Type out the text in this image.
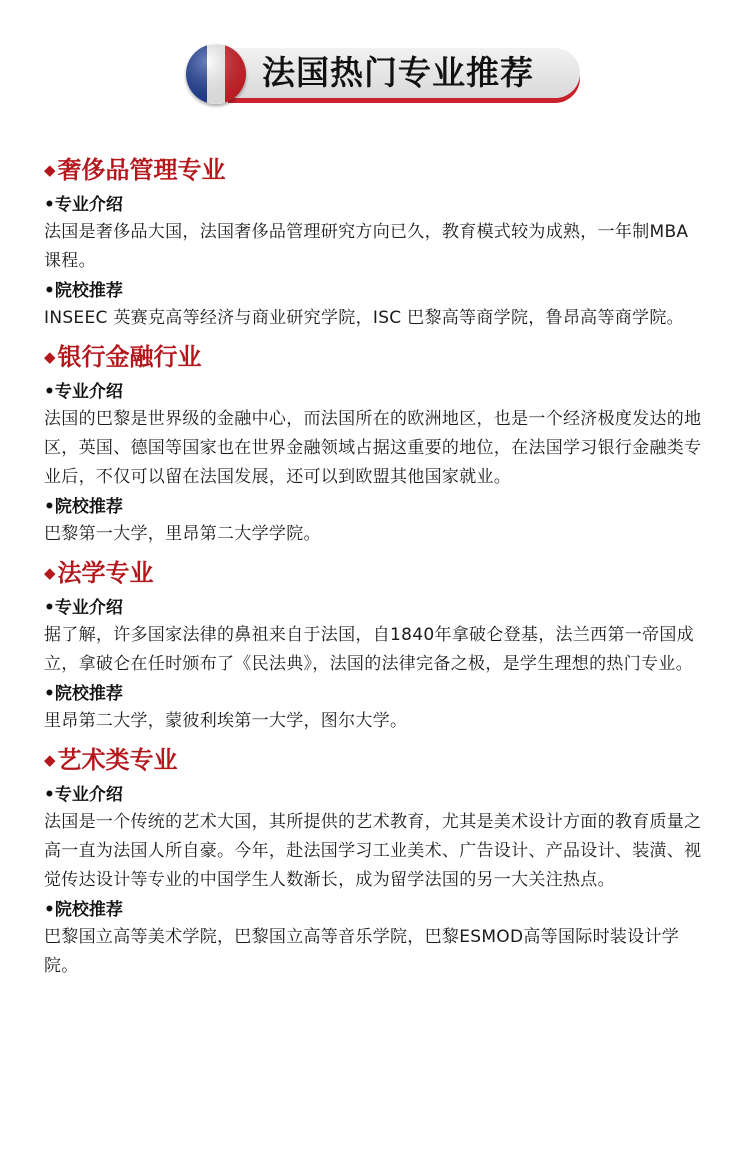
法国热门专业推荐
◆奢侈品管理专业
•专业介绍
法国是奢侈品大国，法国奢侈品管理研究方向已久，教育模式较为成熟，一年制MBA课程。
•院校推荐
INSEEC 英赛克高等经济与商业研究学院，ISC 巴黎高等商学院，鲁昂高等商学院。
◆银行金融行业
•专业介绍
法国的巴黎是世界级的金融中心，而法国所在的欧洲地区，也是一个经济极度发达的地区，英国、德国等国家也在世界金融领域占据这重要的地位，在法国学习银行金融类专业后，不仅可以留在法国发展，还可以到欧盟其他国家就业。
•院校推荐
巴黎第一大学，里昂第二大学学院。
◆法学专业
•专业介绍
据了解，许多国家法律的鼻祖来自于法国，自1840年拿破仑登基，法兰西第一帝国成立，拿破仑在任时颁布了《民法典》，法国的法律完备之极，是学生理想的热门专业。
•院校推荐
里昂第二大学，蒙彼利埃第一大学，图尔大学。
◆艺术类专业
•专业介绍
法国是一个传统的艺术大国，其所提供的艺术教育，尤其是美术设计方面的教育质量之高一直为法国人所自豪。今年，赴法国学习工业美术、广告设计、产品设计、装潢、视觉传达设计等专业的中国学生人数渐长，成为留学法国的另一大关注热点。
•院校推荐
巴黎国立高等美术学院，巴黎国立高等音乐学院，巴黎ESMOD高等国际时装设计学院。
